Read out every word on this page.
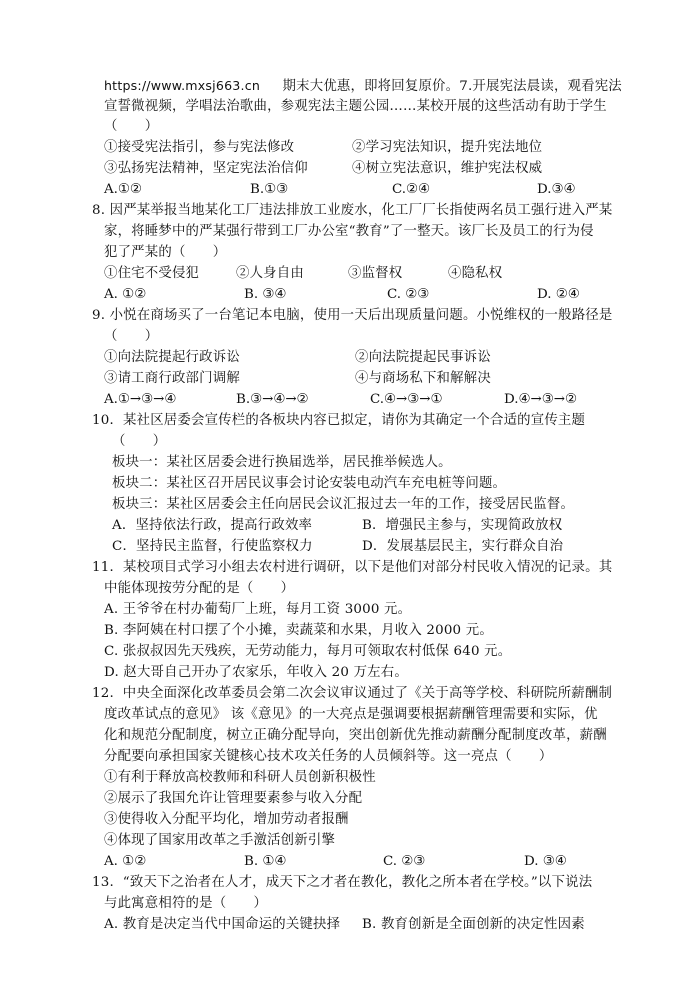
https://www.mxsj663.cn　 期末大优惠，即将回复原价。7.开展宪法晨读，观看宪法
宣誓微视频，学唱法治歌曲，参观宪法主题公园……某校开展的这些活动有助于学生
（　　）
①接受宪法指引，参与宪法修改	②学习宪法知识，提升宪法地位
③弘扬宪法精神，坚定宪法治信仰	④树立宪法意识，维护宪法权威
A.①②	B.①③	C.②④	D.③④
8. 因严某举报当地某化工厂违法排放工业废水，化工厂厂长指使两名员工强行进入严某
家，将睡梦中的严某强行带到工厂办公室“教育”了一整天。该厂长及员工的行为侵
犯了严某的（　　）
①住宅不受侵犯	②人身自由	③监督权	④隐私权
A. ①②	B. ③④	C. ②③	D. ②④
9. 小悦在商场买了一台笔记本电脑，使用一天后出现质量问题。小悦维权的一般路径是
（　　）
①向法院提起行政诉讼	②向法院提起民事诉讼
③请工商行政部门调解	④与商场私下和解解决
A.①→③→④	B.③→④→②	C.④→③→①	D.④→③→②
10．某社区居委会宣传栏的各板块内容已拟定，请你为其确定一个合适的宣传主题
（　　）
板块一：某社区居委会进行换届选举，居民推举候选人。
板块二：某社区召开居民议事会讨论安装电动汽车充电桩等问题。
板块三：某社区居委会主任向居民会议汇报过去一年的工作，接受居民监督。
A．坚持依法行政，提高行政效率	B．增强民主参与，实现简政放权
C．坚持民主监督，行使监察权力	D．发展基层民主，实行群众自治
11．某校项目式学习小组去农村进行调研，以下是他们对部分村民收入情况的记录。其
中能体现按劳分配的是（　　）
A. 王爷爷在村办葡萄厂上班，每月工资 3000 元。
B. 李阿姨在村口摆了个小摊，卖蔬菜和水果，月收入 2000 元。
C. 张叔叔因先天残疾，无劳动能力，每月可领取农村低保 640 元。
D. 赵大哥自己开办了农家乐，年收入 20 万左右。
12.  中央全面深化改革委员会第二次会议审议通过了《关于高等学校、科研院所薪酬制
度改革试点的意见》 该《意见》的一大亮点是强调要根据薪酬管理需要和实际，优
化和规范分配制度，树立正确分配导向，突出创新优先推动薪酬分配制度改革，薪酬
分配要向承担国家关键核心技术攻关任务的人员倾斜等。这一亮点（　　）
①有利于释放高校教师和科研人员创新积极性
②展示了我国允许让管理要素参与收入分配
③使得收入分配平均化，增加劳动者报酬
④体现了国家用改革之手激活创新引擎
A. ①②	B. ①④	C. ②③	D. ③④
13.  “致天下之治者在人才，成天下之才者在教化，教化之所本者在学校。”以下说法
与此寓意相符的是（　　）
A. 教育是决定当代中国命运的关键抉择 B. 教育创新是全面创新的决定性因素
